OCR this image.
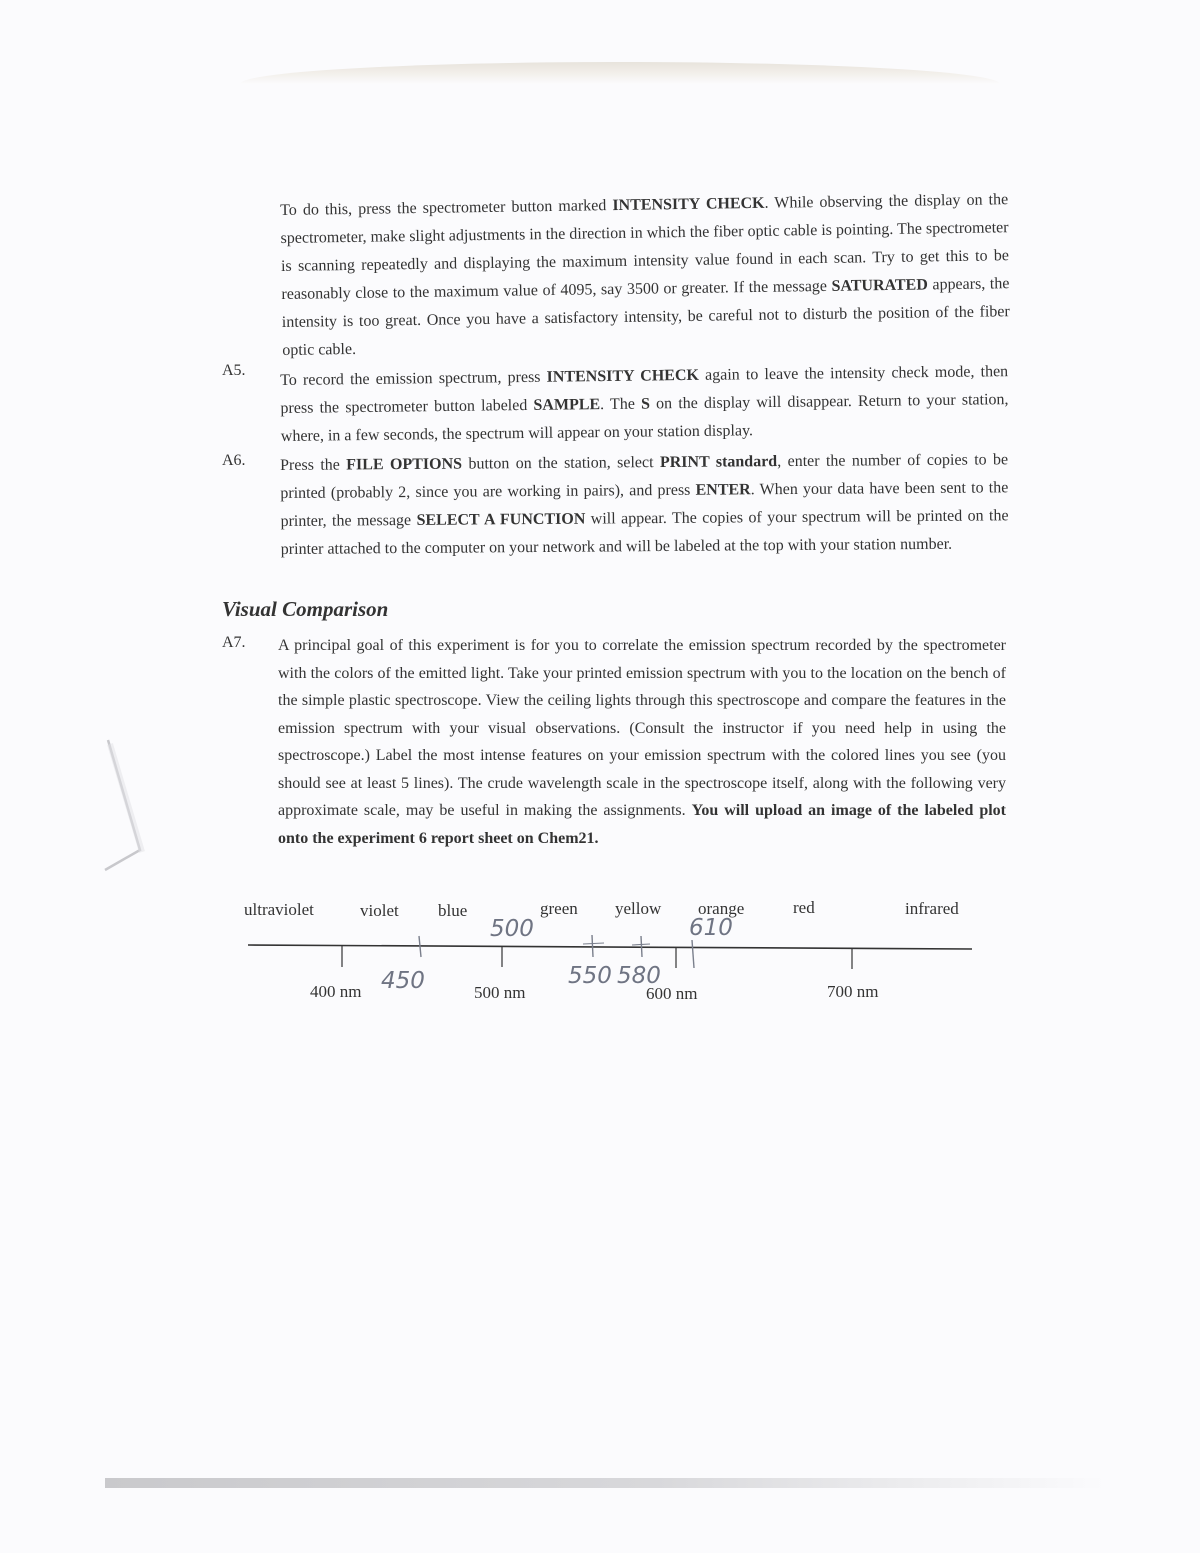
To do this, press the spectrometer button marked INTENSITY CHECK. While observing the display on the spectrometer, make slight adjustments in the direction in which the fiber optic cable is pointing. The spectrometer is scanning repeatedly and displaying the maximum intensity value found in each scan. Try to get this to be reasonably close to the maximum value of 4095, say 3500 or greater. If the message SATURATED appears, the intensity is too great. Once you have a satisfactory intensity, be careful not to disturb the position of the fiber optic cable.

A5. To record the emission spectrum, press INTENSITY CHECK again to leave the intensity check mode, then press the spectrometer button labeled SAMPLE. The S on the display will disappear. Return to your station, where, in a few seconds, the spectrum will appear on your station display.

A6. Press the FILE OPTIONS button on the station, select PRINT standard, enter the number of copies to be printed (probably 2, since you are working in pairs), and press ENTER. When your data have been sent to the printer, the message SELECT A FUNCTION will appear. The copies of your spectrum will be printed on the printer attached to the computer on your network and will be labeled at the top with your station number.

Visual Comparison

A7. A principal goal of this experiment is for you to correlate the emission spectrum recorded by the spectrometer with the colors of the emitted light. Take your printed emission spectrum with you to the location on the bench of the simple plastic spectroscope. View the ceiling lights through this spectroscope and compare the features in the emission spectrum with your visual observations. (Consult the instructor if you need help in using the spectroscope.) Label the most intense features on your emission spectrum with the colored lines you see (you should see at least 5 lines). The crude wavelength scale in the spectroscope itself, along with the following very approximate scale, may be useful in making the assignments. You will upload an image of the labeled plot onto the experiment 6 report sheet on Chem21.

ultraviolet	violet blue	green yellow orange	red	infrared
400 nm	500 nm	600 nm	700 nm
450
500
550 580
610
